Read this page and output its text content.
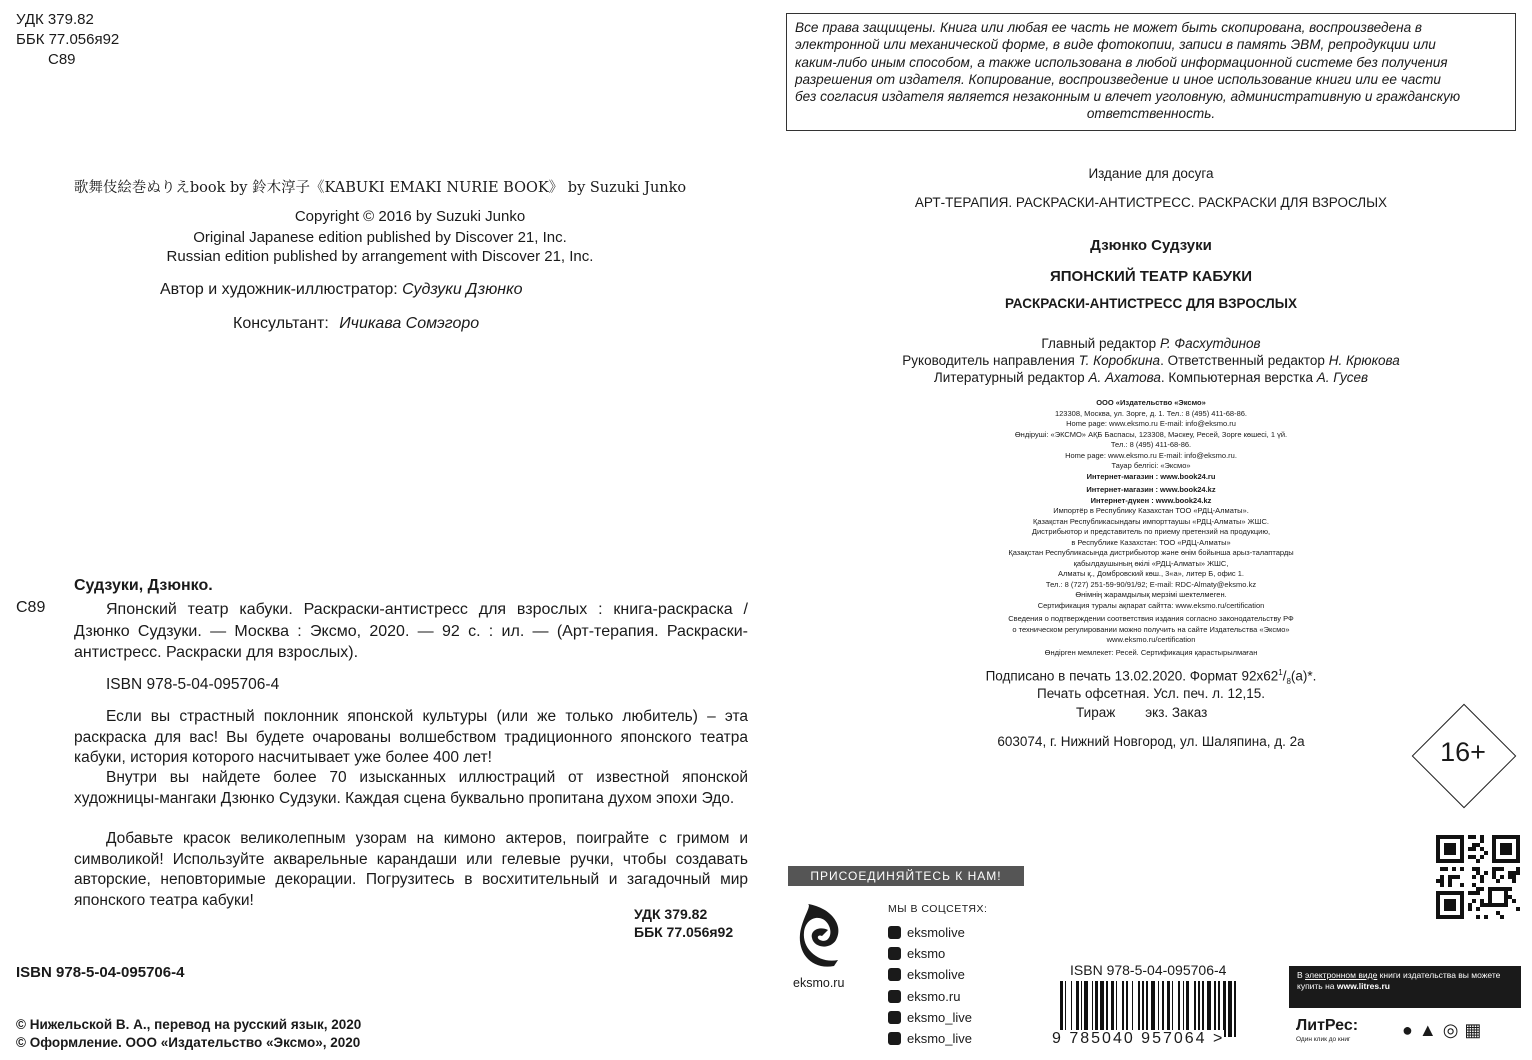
УДК 379.82
ББК 77.056я92
С89
歌舞伎絵巻ぬりえbook by 鈴木淳子《KABUKI EMAKI NURIE BOOK》 by Suzuki Junko
Copyright © 2016 by Suzuki Junko
Original Japanese edition published by Discover 21, Inc.
Russian edition published by arrangement with Discover 21, Inc.
Автор и художник-иллюстратор: Судзуки Дзюнко
Консультант: Ичикава Сомэгоро
Судзуки, Дзюнко.
С89	Японский театр кабуки. Раскраски-антистресс для взрослых : книга-раскраска / Дзюнко Судзуки. — Москва : Эксмо, 2020. — 92 с. : ил. — (Арт-терапия. Раскраски-антистресс. Раскраски для взрослых).
ISBN 978-5-04-095706-4
Если вы страстный поклонник японской культуры (или же только любитель) – эта раскраска для вас! Вы будете очарованы волшебством традиционного японского театра кабуки, история которого насчитывает уже более 400 лет!
Внутри вы найдете более 70 изысканных иллюстраций от известной японской художницы-мангаки Дзюнко Судзуки. Каждая сцена буквально пропитана духом эпохи Эдо.
Добавьте красок великолепным узорам на кимоно актеров, поиграйте с гримом и символикой! Используйте акварельные карандаши или гелевые ручки, чтобы создавать авторские, неповторимые декорации. Погрузитесь в восхитительный и загадочный мир японского театра кабуки!
УДК 379.82
ББК 77.056я92
ISBN 978-5-04-095706-4
© Нижельской В. А., перевод на русский язык, 2020
© Оформление. ООО «Издательство «Эксмо», 2020
Все права защищены. Книга или любая ее часть не может быть скопирована, воспроизведена в
электронной или механической форме, в виде фотокопии, записи в память ЭВМ, репродукции или
каким-либо иным способом, а также использована в любой информационной системе без получения
разрешения от издателя. Копирование, воспроизведение и иное использование книги или ее части
без согласия издателя является незаконным и влечет уголовную, административную и гражданскую
ответственность.
Издание для досуга
АРТ-ТЕРАПИЯ. РАСКРАСКИ-АНТИСТРЕСС. РАСКРАСКИ ДЛЯ ВЗРОСЛЫХ
Дзюнко Судзуки
ЯПОНСКИЙ ТЕАТР КАБУКИ
РАСКРАСКИ-АНТИСТРЕСС ДЛЯ ВЗРОСЛЫХ
Главный редактор Р. Фасхутдинов
Руководитель направления Т. Коробкина. Ответственный редактор Н. Крюкова
Литературный редактор А. Ахатова. Компьютерная верстка А. Гусев
ООО «Издательство «Эксмо»
123308, Москва, ул. Зорге, д. 1. Тел.: 8 (495) 411-68-86.
Home page: www.eksmo.ru E-mail: info@eksmo.ru
Өндіруші: «ЭКСМО» АҚБ Баспасы, 123308, Мәскеу, Ресей, Зорге көшесі, 1 үй.
Тел.: 8 (495) 411-68-86.
Home page: www.eksmo.ru E-mail: info@eksmo.ru.
Тауар белгісі: «Эксмо»
Интернет-магазин : www.book24.ru
Интернет-магазин : www.book24.kz
Интернет-дүкен : www.book24.kz
Импортёр в Республику Казахстан ТОО «РДЦ-Алматы».
Қазақстан Республикасындағы импорттаушы «РДЦ-Алматы» ЖШС.
Дистрибьютор и представитель по приему претензий на продукцию,
в Республике Казахстан: ТОО «РДЦ-Алматы»
Қазақстан Республикасында дистрибьютор және өнім бойынша арыз-талаптарды
қабылдаушының өкілі «РДЦ-Алматы» ЖШС,
Алматы қ., Домбровский көш., 3«а», литер Б, офис 1.
Тел.: 8 (727) 251-59-90/91/92; E-mail: RDC-Almaty@eksmo.kz
Өнімнің жарамдылық мерзімі шектелмеген.
Сертификация туралы ақпарат сайтта: www.eksmo.ru/certification
Сведения о подтверждении соответствия издания согласно законодательству РФ
о техническом регулировании можно получить на сайте Издательства «Эксмо»
www.eksmo.ru/certification
Өндірген мемлекет: Ресей. Сертификация қарастырылмаған
Подписано в печать 13.02.2020. Формат $92x62^1/_8(a)*$.
Печать офсетная. Усл. печ. л. 12,15.
Тираж        экз. Заказ
603074, г. Нижний Новгород, ул. Шаляпина, д. 2а	16+
ПРИСОЕДИНЯЙТЕСЬ К НАМ!
eksmo.ru
МЫ В СОЦСЕТЯХ:
eksmolive
eksmo
eksmolive
eksmo.ru
eksmo_live
eksmo_live
ISBN 978-5-04-095706-4
9 785040 957064 >
В электронном виде книги издательства вы можете купить на www.litres.ru
ЛитРес:
Один клик до книг	●▲◎▦
